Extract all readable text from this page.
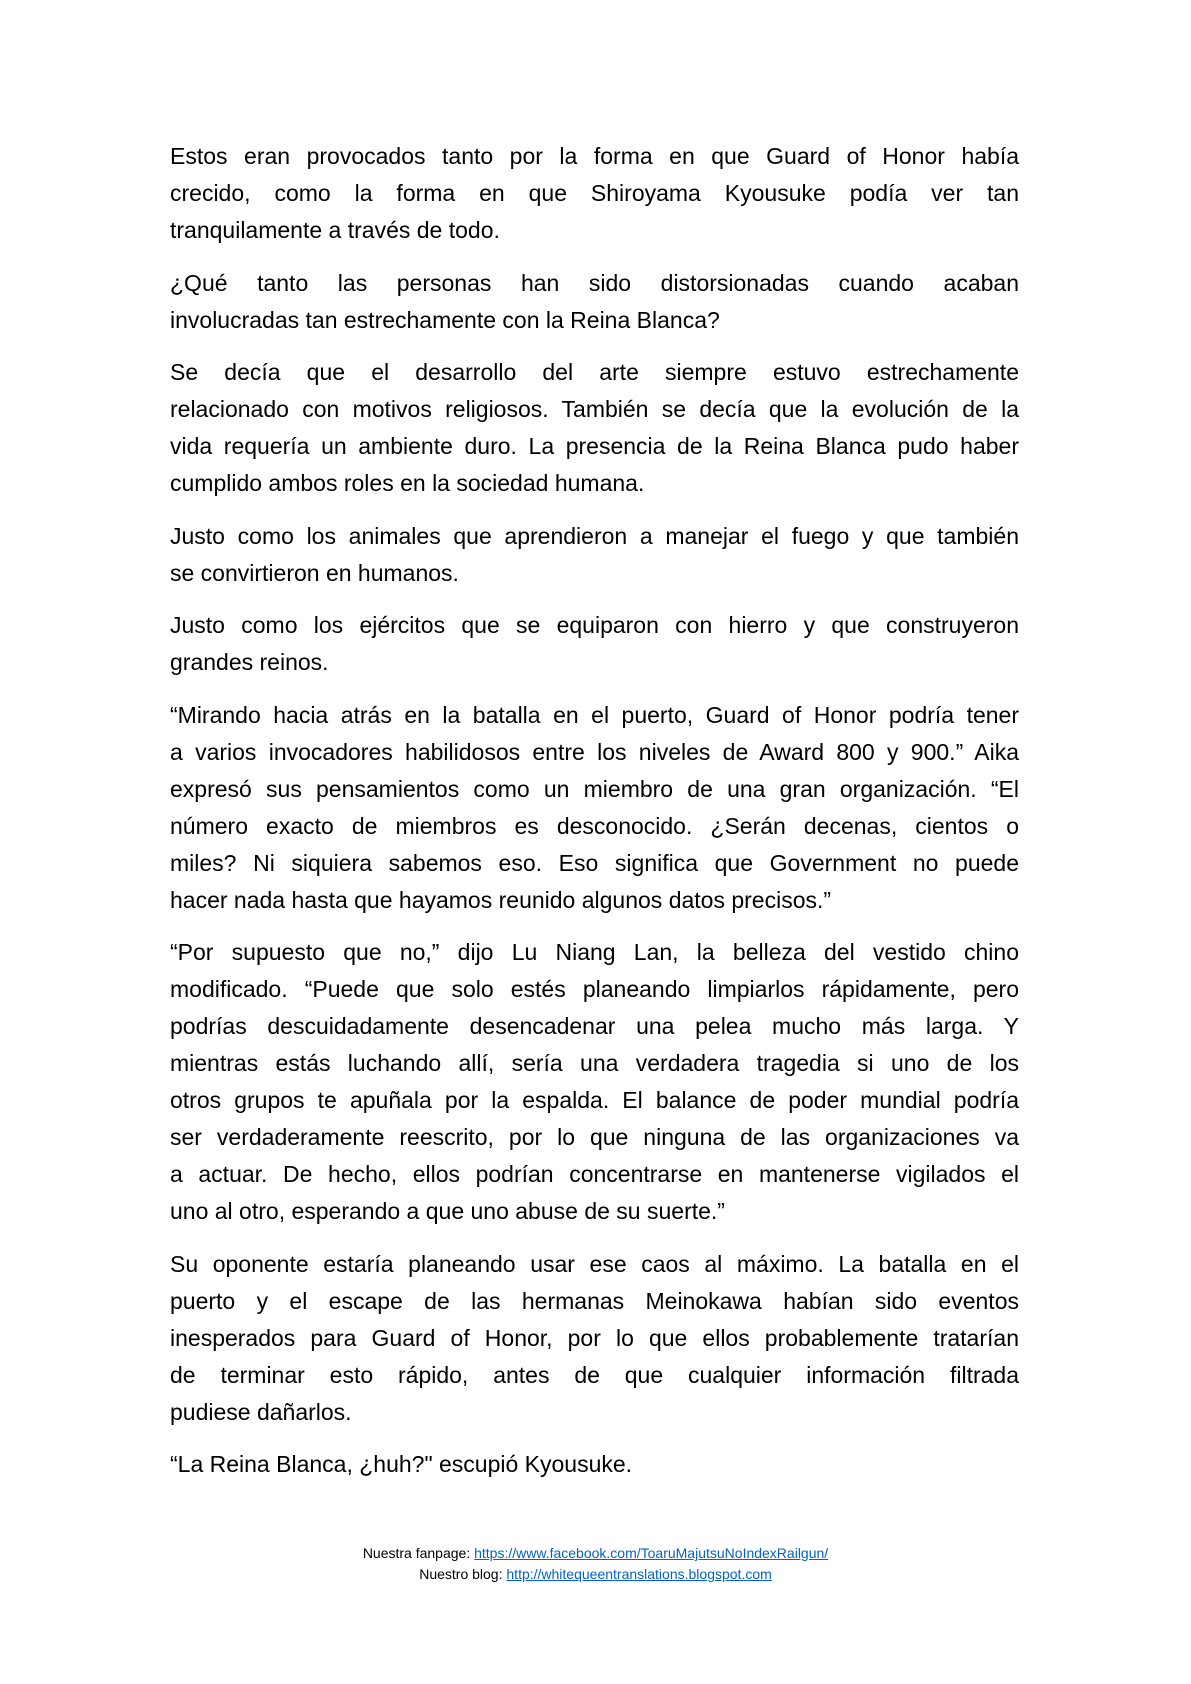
Estos eran provocados tanto por la forma en que Guard of Honor había
crecido, como la forma en que Shiroyama Kyousuke podía ver tan
tranquilamente a través de todo.
¿Qué tanto las personas han sido distorsionadas cuando acaban
involucradas tan estrechamente con la Reina Blanca?
Se decía que el desarrollo del arte siempre estuvo estrechamente
relacionado con motivos religiosos. También se decía que la evolución de la
vida requería un ambiente duro. La presencia de la Reina Blanca pudo haber
cumplido ambos roles en la sociedad humana.
Justo como los animales que aprendieron a manejar el fuego y que también
se convirtieron en humanos.
Justo como los ejércitos que se equiparon con hierro y que construyeron
grandes reinos.
“Mirando hacia atrás en la batalla en el puerto, Guard of Honor podría tener
a varios invocadores habilidosos entre los niveles de Award 800 y 900.” Aika
expresó sus pensamientos como un miembro de una gran organización. “El
número exacto de miembros es desconocido. ¿Serán decenas, cientos o
miles? Ni siquiera sabemos eso. Eso significa que Government no puede
hacer nada hasta que hayamos reunido algunos datos precisos.”
“Por supuesto que no,” dijo Lu Niang Lan, la belleza del vestido chino
modificado. “Puede que solo estés planeando limpiarlos rápidamente, pero
podrías descuidadamente desencadenar una pelea mucho más larga. Y
mientras estás luchando allí, sería una verdadera tragedia si uno de los
otros grupos te apuñala por la espalda. El balance de poder mundial podría
ser verdaderamente reescrito, por lo que ninguna de las organizaciones va
a actuar. De hecho, ellos podrían concentrarse en mantenerse vigilados el
uno al otro, esperando a que uno abuse de su suerte.”
Su oponente estaría planeando usar ese caos al máximo. La batalla en el
puerto y el escape de las hermanas Meinokawa habían sido eventos
inesperados para Guard of Honor, por lo que ellos probablemente tratarían
de terminar esto rápido, antes de que cualquier información filtrada
pudiese dañarlos.
“La Reina Blanca, ¿huh?" escupió Kyousuke.
Nuestra fanpage: https://www.facebook.com/ToaruMajutsuNoIndexRailgun/
Nuestro blog: http://whitequeentranslations.blogspot.com
